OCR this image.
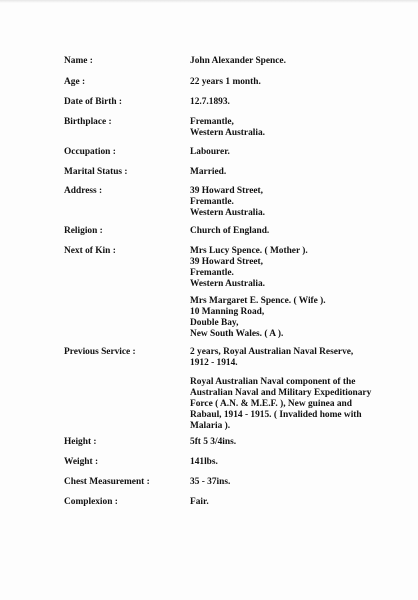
Name :	John Alexander Spence.
Age :	22 years 1 month.
Date of Birth :	12.7.1893.
Birthplace :	Fremantle,
Western Australia.
Occupation :	Labourer.
Marital Status :	Married.
Address :	39 Howard Street,
Fremantle.
Western Australia.
Religion :	Church of England.
Next of Kin :	Mrs Lucy Spence. ( Mother ).
39 Howard Street,
Fremantle.
Western Australia.
Mrs Margaret E. Spence. ( Wife ).
10 Manning Road,
Double Bay,
New South Wales. ( A ).
Previous Service :	2 years, Royal Australian Naval Reserve,
1912 - 1914.
Royal Australian Naval component of the
Australian Naval and Military Expeditionary
Force ( A.N. & M.E.F. ), New guinea and
Rabaul, 1914 - 1915. ( Invalided home with
Malaria ).
Height :	5ft 5 3/4ins.
Weight :	141lbs.
Chest Measurement :	35 - 37ins.
Complexion :	Fair.
